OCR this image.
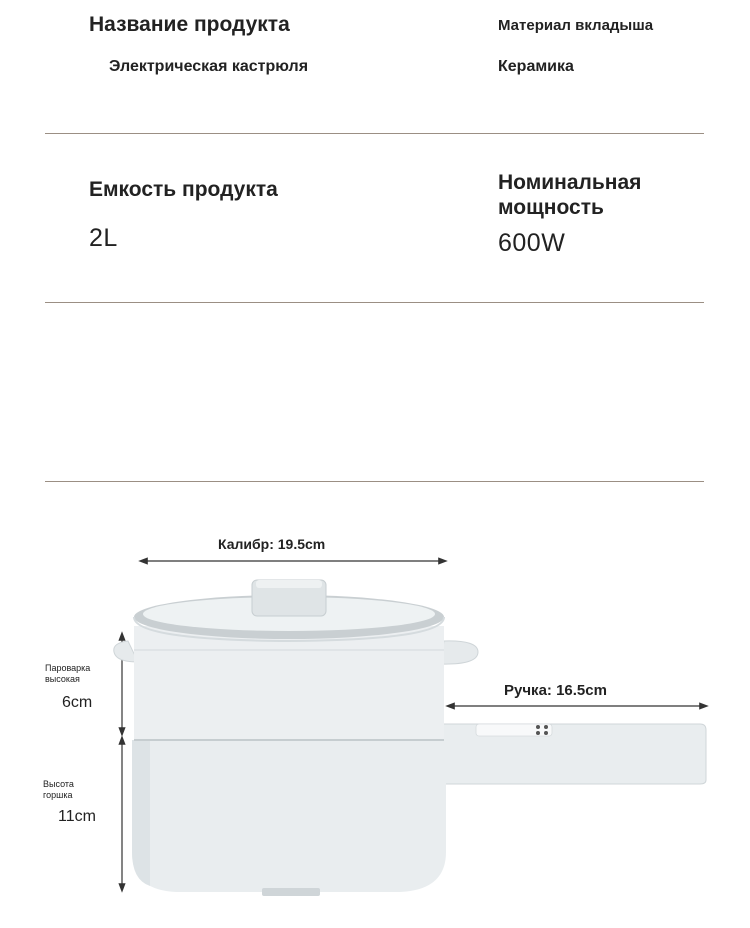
Название продукта
Электрическая кастрюля
Материал вкладыша
Керамика
Емкость продукта
2L
Номинальная
мощность
600W
Калибр: 19.5cm
Ручка: 16.5cm
Пароварка
высокая
6cm
Высота
горшка
11cm
